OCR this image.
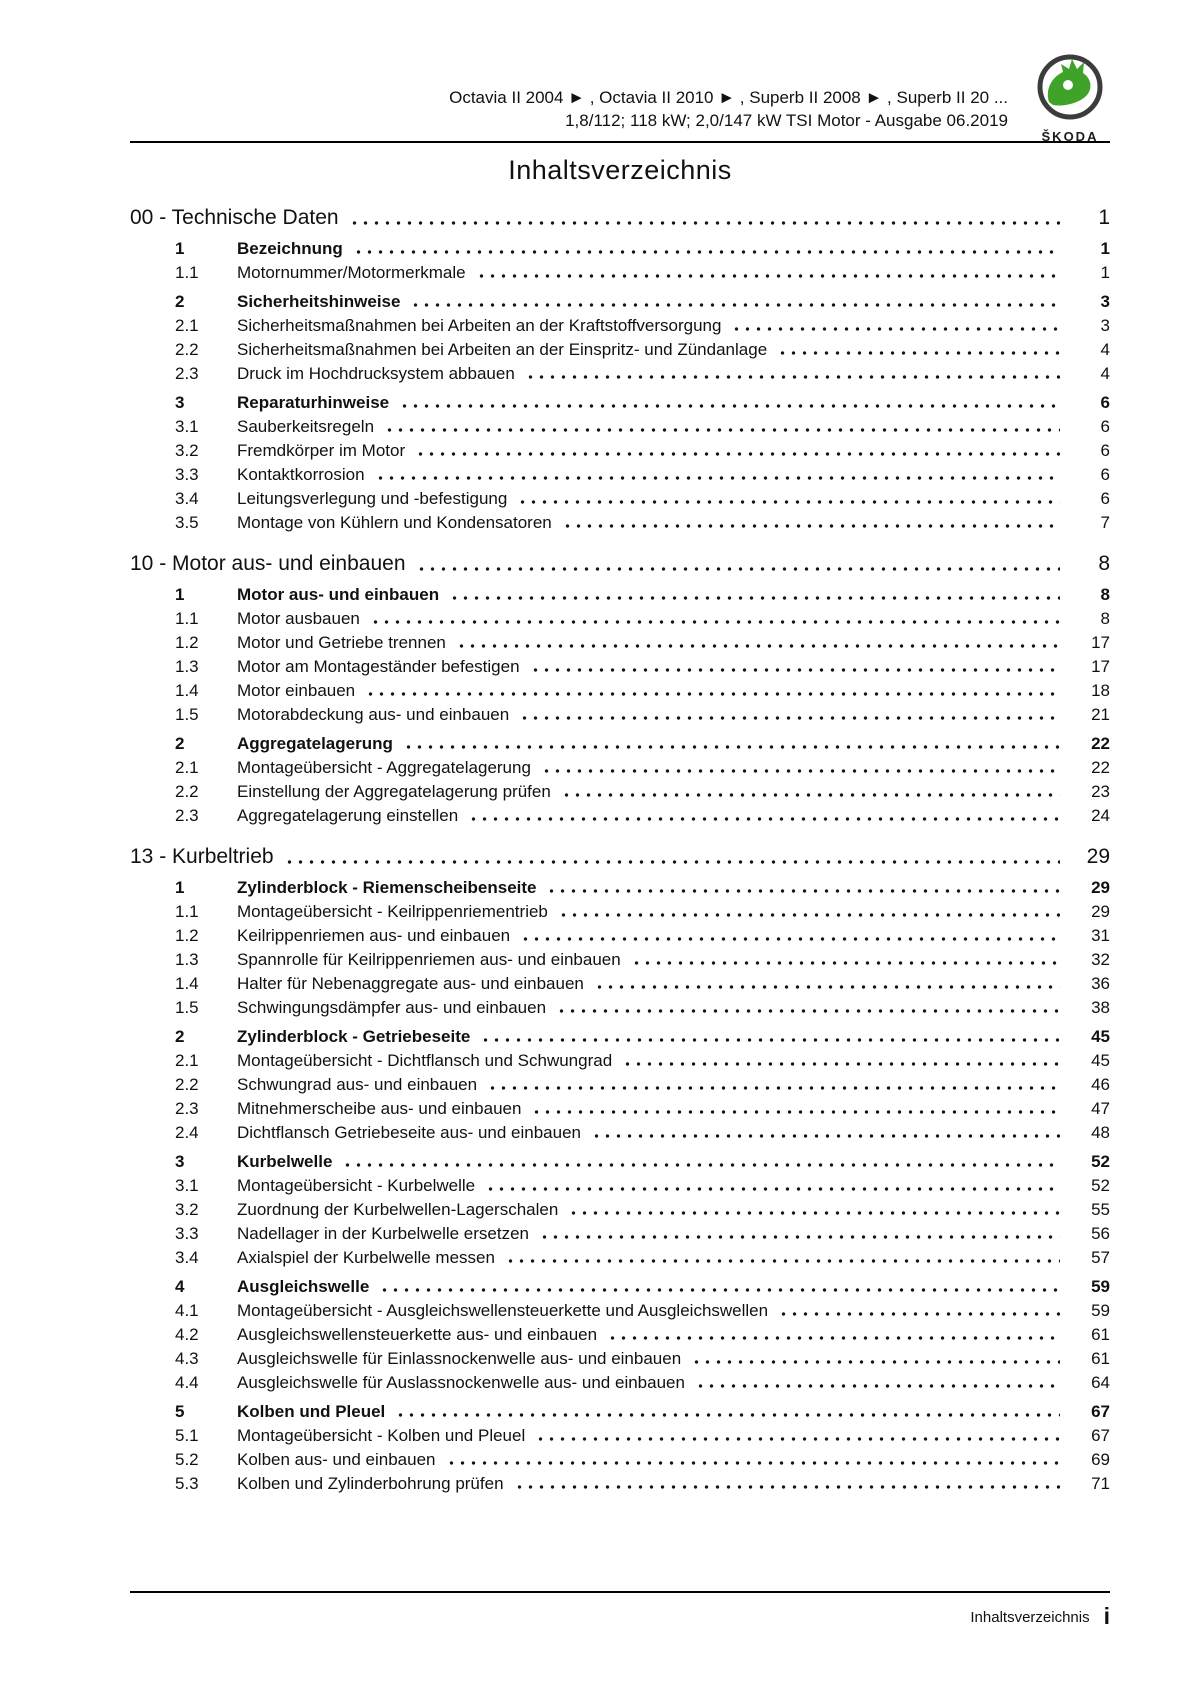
Octavia II 2004 ► , Octavia II 2010 ► , Superb II 2008 ► , Superb II 20 ...
1,8/112; 118 kW; 2,0/147 kW TSI Motor - Ausgabe 06.2019
ŠKODA
Inhaltsverzeichnis
00 - Technische Daten	1
1	Bezeichnung	1
1.1	Motornummer/Motormerkmale	1
2	Sicherheitshinweise	3
2.1	Sicherheitsmaßnahmen bei Arbeiten an der Kraftstoffversorgung	3
2.2	Sicherheitsmaßnahmen bei Arbeiten an der Einspritz- und Zündanlage	4
2.3	Druck im Hochdrucksystem abbauen	4
3	Reparaturhinweise	6
3.1	Sauberkeitsregeln	6
3.2	Fremdkörper im Motor	6
3.3	Kontaktkorrosion	6
3.4	Leitungsverlegung und -befestigung	6
3.5	Montage von Kühlern und Kondensatoren	7
10 - Motor aus- und einbauen	8
1	Motor aus- und einbauen	8
1.1	Motor ausbauen	8
1.2	Motor und Getriebe trennen	17
1.3	Motor am Montageständer befestigen	17
1.4	Motor einbauen	18
1.5	Motorabdeckung aus- und einbauen	21
2	Aggregatelagerung	22
2.1	Montageübersicht - Aggregatelagerung	22
2.2	Einstellung der Aggregatelagerung prüfen	23
2.3	Aggregatelagerung einstellen	24
13 - Kurbeltrieb	29
1	Zylinderblock - Riemenscheibenseite	29
1.1	Montageübersicht - Keilrippenriementrieb	29
1.2	Keilrippenriemen aus- und einbauen	31
1.3	Spannrolle für Keilrippenriemen aus- und einbauen	32
1.4	Halter für Nebenaggregate aus- und einbauen	36
1.5	Schwingungsdämpfer aus- und einbauen	38
2	Zylinderblock - Getriebeseite	45
2.1	Montageübersicht - Dichtflansch und Schwungrad	45
2.2	Schwungrad aus- und einbauen	46
2.3	Mitnehmerscheibe aus- und einbauen	47
2.4	Dichtflansch Getriebeseite aus- und einbauen	48
3	Kurbelwelle	52
3.1	Montageübersicht - Kurbelwelle	52
3.2	Zuordnung der Kurbelwellen-Lagerschalen	55
3.3	Nadellager in der Kurbelwelle ersetzen	56
3.4	Axialspiel der Kurbelwelle messen	57
4	Ausgleichswelle	59
4.1	Montageübersicht - Ausgleichswellensteuerkette und Ausgleichswellen	59
4.2	Ausgleichswellensteuerkette aus- und einbauen	61
4.3	Ausgleichswelle für Einlassnockenwelle aus- und einbauen	61
4.4	Ausgleichswelle für Auslassnockenwelle aus- und einbauen	64
5	Kolben und Pleuel	67
5.1	Montageübersicht - Kolben und Pleuel	67
5.2	Kolben aus- und einbauen	69
5.3	Kolben und Zylinderbohrung prüfen	71
Inhaltsverzeichnis i
